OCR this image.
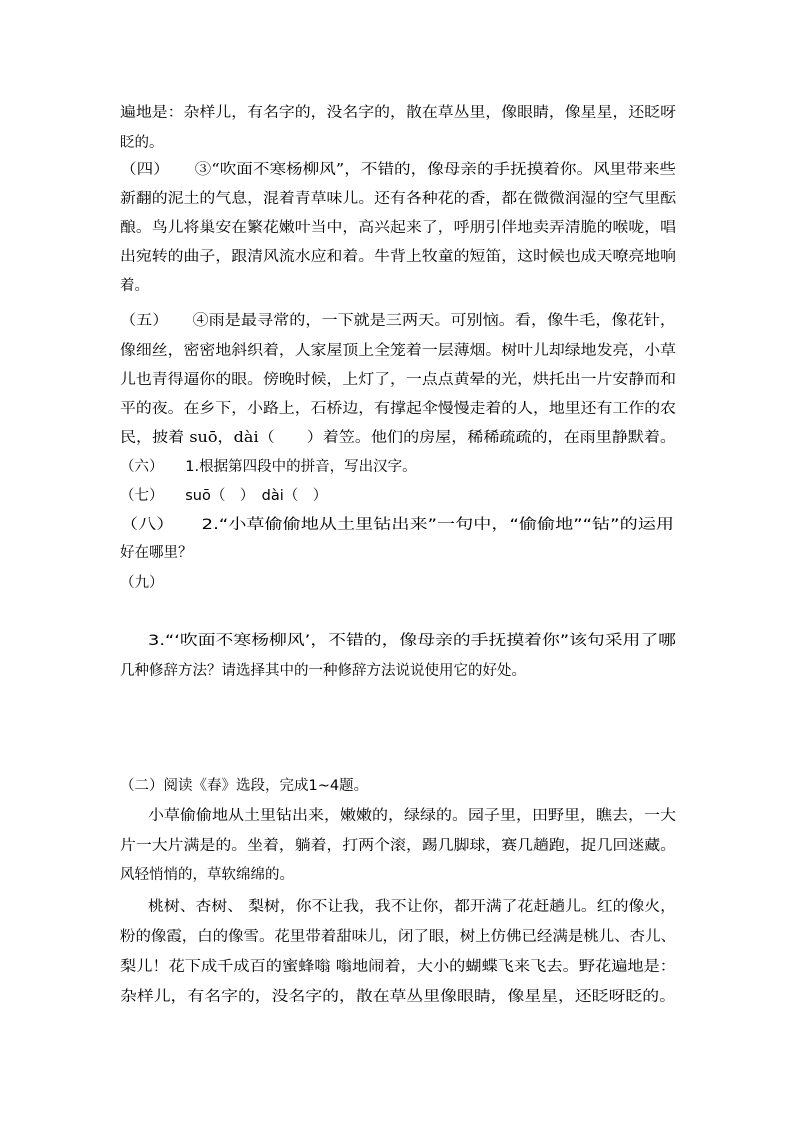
遍地是：杂样儿，有名字的，没名字的，散在草丛里，像眼睛，像星星，还眨呀
眨的。
（四）　　③“吹面不寒杨柳风”，不错的，像母亲的手抚摸着你。风里带来些
新翻的泥土的气息，混着青草味儿。还有各种花的香，都在微微润湿的空气里酝
酿。鸟儿将巢安在繁花嫩叶当中，高兴起来了，呼朋引伴地卖弄清脆的喉咙，唱
出宛转的曲子，跟清风流水应和着。牛背上牧童的短笛，这时候也成天嘹亮地响
着。
（五）　　④雨是最寻常的，一下就是三两天。可别恼。看，像牛毛，像花针，
像细丝，密密地斜织着，人家屋顶上全笼着一层薄烟。树叶儿却绿地发亮，小草
儿也青得逼你的眼。傍晚时候，上灯了，一点点黄晕的光，烘托出一片安静而和
平的夜。在乡下，小路上，石桥边，有撑起伞慢慢走着的人，地里还有工作的农
民，披着 suō，dài（　　）着笠。他们的房屋，稀稀疏疏的，在雨里静默着。
（六）　　1.根据第四段中的拼音，写出汉字。
（七）　　suō（　）　dài（　）
（八）　　2.“小草偷偷地从土里钻出来”一句中，“偷偷地”“钻”的运用
好在哪里？
（九）
3.“‘吹面不寒杨柳风’，不错的，像母亲的手抚摸着你”该句采用了哪
几种修辞方法？请选择其中的一种修辞方法说说使用它的好处。
（二）阅读《春》选段，完成1~4题。
小草偷偷地从土里钻出来，嫩嫩的，绿绿的。园子里，田野里，瞧去，一大
片一大片满是的。坐着，躺着，打两个滚，踢几脚球，赛几趟跑，捉几回迷藏。
风轻悄悄的，草软绵绵的。
桃树、杏树、 梨树，你不让我，我不让你，都开满了花赶趟儿。红的像火，
粉的像霞，白的像雪。花里带着甜味儿，闭了眼，树上仿佛已经满是桃儿、杏儿、
梨儿！花下成千成百的蜜蜂嗡 嗡地闹着，大小的蝴蝶飞来飞去。野花遍地是：
杂样儿，有名字的，没名字的，散在草丛里像眼睛，像星星，还眨呀眨的。
